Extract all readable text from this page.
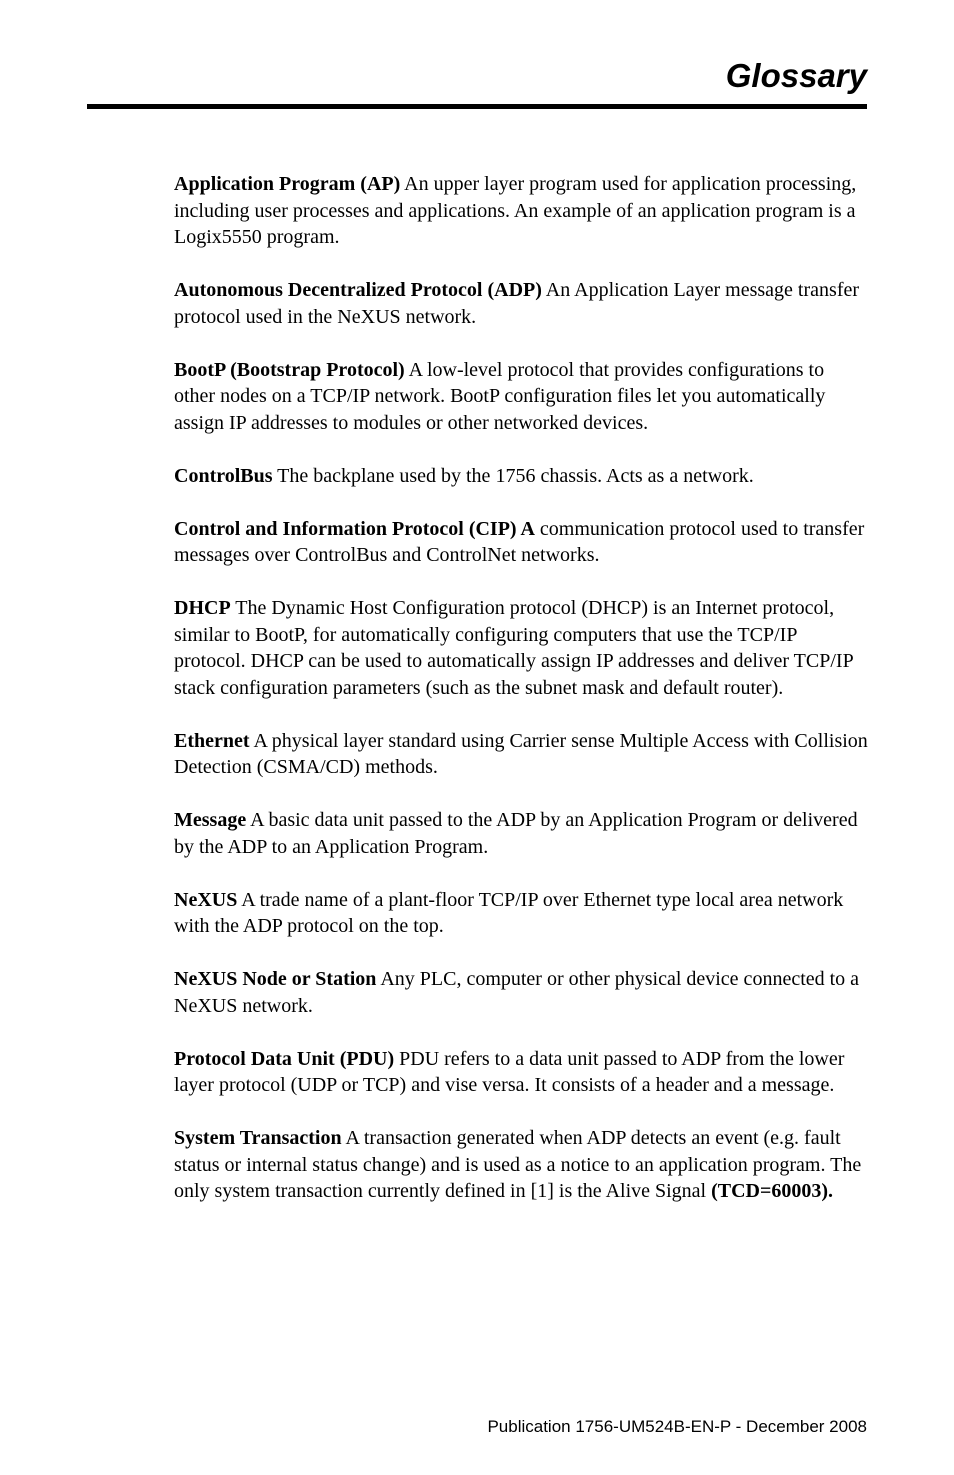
Glossary

Application Program (AP) An upper layer program used for application processing, including user processes and applications. An example of an application program is a Logix5550 program.

Autonomous Decentralized Protocol (ADP) An Application Layer message transfer protocol used in the NeXUS network.

BootP (Bootstrap Protocol) A low-level protocol that provides configurations to other nodes on a TCP/IP network. BootP configuration files let you automatically assign IP addresses to modules or other networked devices.

ControlBus The backplane used by the 1756 chassis. Acts as a network.

Control and Information Protocol (CIP) A communication protocol used to transfer messages over ControlBus and ControlNet networks.

DHCP The Dynamic Host Configuration protocol (DHCP) is an Internet protocol, similar to BootP, for automatically configuring computers that use the TCP/IP protocol. DHCP can be used to automatically assign IP addresses and deliver TCP/IP stack configuration parameters (such as the subnet mask and default router).

Ethernet A physical layer standard using Carrier sense Multiple Access with Collision Detection (CSMA/CD) methods.

Message A basic data unit passed to the ADP by an Application Program or delivered by the ADP to an Application Program.

NeXUS A trade name of a plant-floor TCP/IP over Ethernet type local area network with the ADP protocol on the top.

NeXUS Node or Station Any PLC, computer or other physical device connected to a NeXUS network.

Protocol Data Unit (PDU) PDU refers to a data unit passed to ADP from the lower layer protocol (UDP or TCP) and vise versa. It consists of a header and a message.

System Transaction A transaction generated when ADP detects an event (e.g. fault status or internal status change) and is used as a notice to an application program. The only system transaction currently defined in [1] is the Alive Signal (TCD=60003).

Publication 1756-UM524B-EN-P - December 2008
